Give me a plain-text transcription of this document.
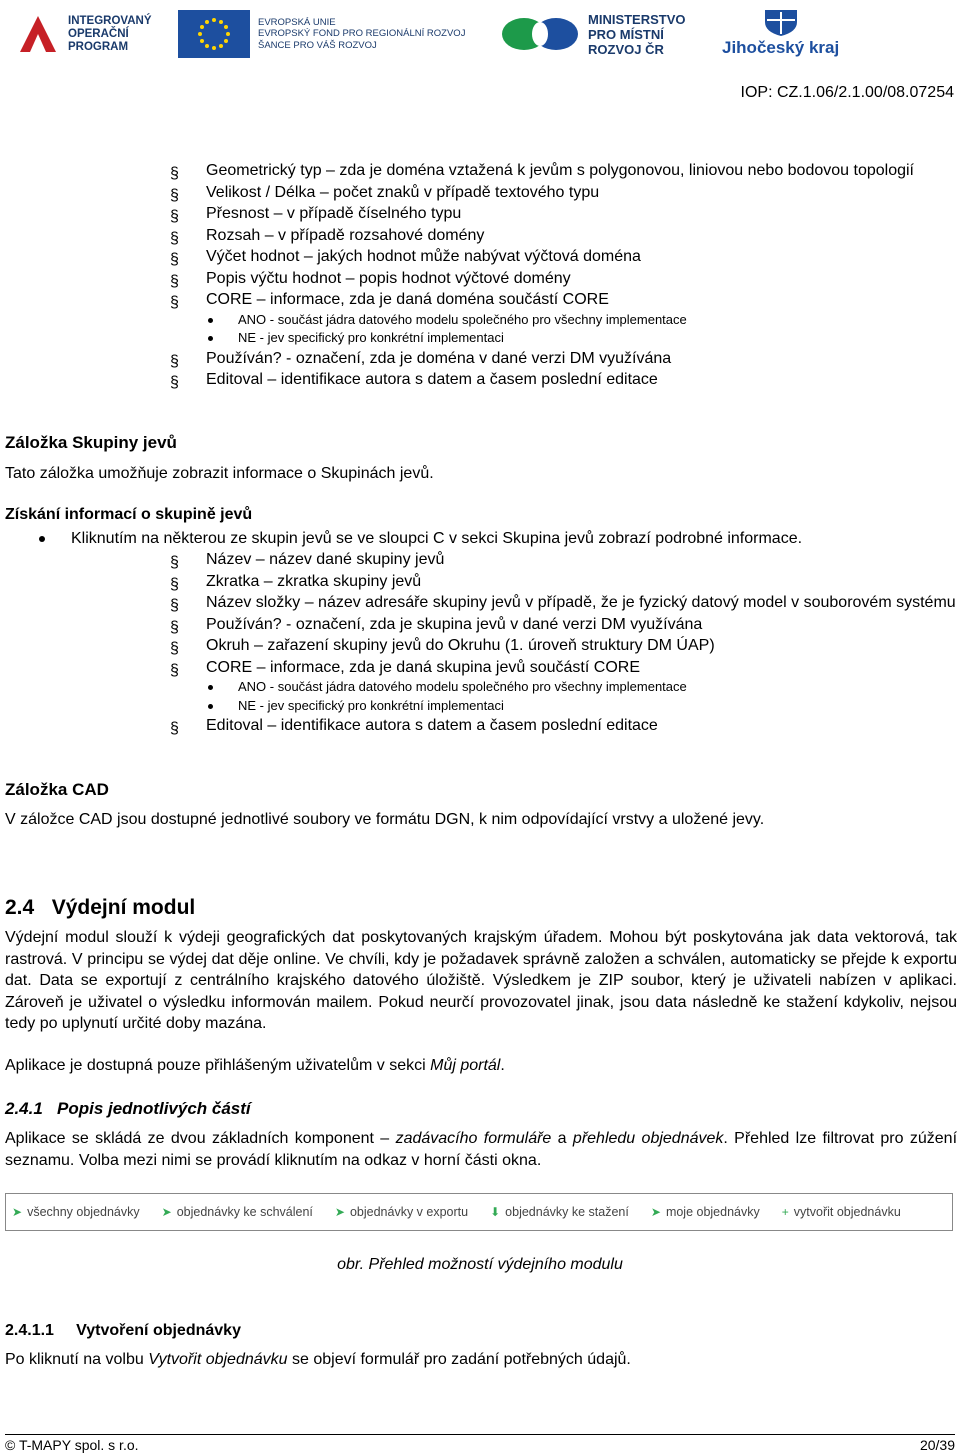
INTEGROVANÝ
OPERAČNÍ
PROGRAM
EVROPSKÁ UNIE
EVROPSKÝ FOND PRO REGIONÁLNÍ ROZVOJ
ŠANCE PRO VÁŠ ROZVOJ
MINISTERSTVO
PRO MÍSTNÍ
ROZVOJ ČR	Jihočeský kraj
IOP: CZ.1.06/2.1.00/08.07254
§ Geometrický typ – zda je doména vztažená k jevům s polygonovou, liniovou nebo bodovou topologií
§ Velikost / Délka – počet znaků v případě textového typu
§ Přesnost – v případě číselného typu
§ Rozsah – v případě rozsahové domény
§ Výčet hodnot – jakých hodnot může nabývat výčtová doména
§ Popis výčtu hodnot – popis hodnot výčtové domény
§ CORE – informace, zda je daná doména součástí CORE
ANO - součást jádra datového modelu společného pro všechny implementace
NE - jev specifický pro konkrétní implementaci
§ Používán? - označení, zda je doména v dané verzi DM využívána
§ Editoval – identifikace autora s datem a časem poslední editace
Záložka Skupiny jevů
Tato záložka umožňuje zobrazit informace o Skupinách jevů.
Získání informací o skupině jevů
Kliknutím na některou ze skupin jevů se ve sloupci C v sekci Skupina jevů zobrazí podrobné informace.
§ Název – název dané skupiny jevů
§ Zkratka – zkratka skupiny jevů
§ Název složky – název adresáře skupiny jevů v případě, že je fyzický datový model v souborovém systému
§ Používán? - označení, zda je skupina jevů v dané verzi DM využívána
§ Okruh – zařazení skupiny jevů do Okruhu (1. úroveň struktury DM ÚAP)
§ CORE – informace, zda je daná skupina jevů součástí CORE
ANO - součást jádra datového modelu společného pro všechny implementace
NE - jev specifický pro konkrétní implementaci
§ Editoval – identifikace autora s datem a časem poslední editace
Záložka CAD
V záložce CAD jsou dostupné jednotlivé soubory ve formátu DGN, k nim odpovídající vrstvy a uložené jevy.
2.4 Výdejní modul
Výdejní modul slouží k výdeji geografických dat poskytovaných krajským úřadem. Mohou být poskytována jak data vektorová, tak rastrová. V principu se výdej dat děje online. Ve chvíli, kdy je požadavek správně založen a schválen, automaticky se přejde k exportu dat. Data se exportují z centrálního krajského datového úložiště. Výsledkem je ZIP soubor, který je uživateli nabízen v aplikaci. Zároveň je uživatel o výsledku informován mailem. Pokud neurčí provozovatel jinak, jsou data následně ke stažení kdykoliv, nejsou tedy po uplynutí určité doby mazána.
Aplikace je dostupná pouze přihlášeným uživatelům v sekci Můj portál.
2.4.1 Popis jednotlivých částí
Aplikace se skládá ze dvou základních komponent – zadávacího formuláře a přehledu objednávek. Přehled lze filtrovat pro zúžení seznamu. Volba mezi nimi se provádí kliknutím na odkaz v horní části okna.
➤ všechny objednávky ➤ objednávky ke schválení ➤ objednávky v exportu ⬇ objednávky ke stažení ➤ moje objednávky + vytvořit objednávku
obr. Přehled možností výdejního modulu
2.4.1.1 Vytvoření objednávky
Po kliknutí na volbu Vytvořit objednávku se objeví formulář pro zadání potřebných údajů.
© T-MAPY spol. s r.o.	20/39
